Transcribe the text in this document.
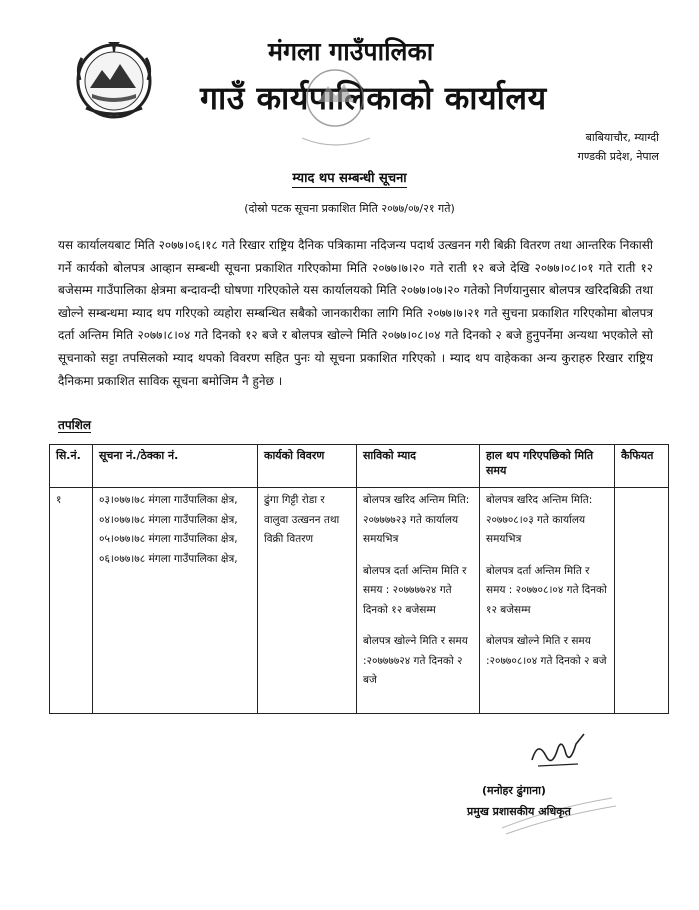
मंगला गाउँपालिका
गाउँ कार्यपालिकाको कार्यालय
बाबियाचौर, म्याग्दी
गण्डकी प्रदेश, नेपाल
म्याद थप सम्बन्धी सूचना
(दोस्रो पटक सूचना प्रकाशित मिति २०७७/०७/२१ गते)
यस कार्यालयबाट मिति २०७७।०६।१८ गते रिखार राष्ट्रिय दैनिक पत्रिकामा नदिजन्य पदार्थ उत्खनन गरी बिक्री वितरण तथा आन्तरिक निकासी गर्ने कार्यको बोलपत्र आव्हान सम्बन्धी सूचना प्रकाशित गरिएकोमा मिति २०७७।७।२० गते राती १२ बजे देखि २०७७।०८।०१ गते राती १२ बजेसम्म गाउँपालिका क्षेत्रमा बन्दावन्दी घोषणा गरिएकोले यस कार्यालयको मिति २०७७।०७।२० गतेको निर्णयानुसार बोलपत्र खरिदबिक्री तथा खोल्ने सम्बन्धमा म्याद थप गरिएको व्यहोरा सम्बन्धित सबैको जानकारीका लागि मिति २०७७।७।२१ गते सुचना प्रकाशित गरिएकोमा बोलपत्र दर्ता अन्तिम मिति २०७७।८।०४ गते दिनको १२ बजे र बोलपत्र खोल्ने मिति २०७७।०८।०४ गते दिनको २ बजे हुनुपर्नेमा अन्यथा भएकोले सो सूचनाको सट्टा तपसिलको म्याद थपको विवरण सहित पुनः यो सूचना प्रकाशित गरिएको । म्याद थप वाहेकका अन्य कुराहरु रिखार राष्ट्रिय दैनिकमा प्रकाशित साविक सूचना बमोजिम नै हुनेछ ।
तपशिल
सि.नं.	सूचना नं./ठेक्का नं.	कार्यको विवरण	साविको म्याद	हाल थप गरिएपछिको मिति समय	कैफियत
१	०३।०७७।७८ मंगला गाउँपालिका क्षेत्र, ०४।०७७।७८ मंगला गाउँपालिका क्षेत्र, ०५।०७७।७८ मंगला गाउँपालिका क्षेत्र, ०६।०७७।७८ मंगला गाउँपालिका क्षेत्र,	ढुंगा गिट्टी रोडा र वालुवा उत्खनन तथा विक्री वितरण	बोलपत्र खरिद अन्तिम मिति: २०७७७७२३ गते कार्यालय समयभित्र
बोलपत्र दर्ता अन्तिम मिति र समय : २०७७७७२४ गते दिनको १२ बजेसम्म
बोलपत्र खोल्ने मिति र समय :२०७७७७२४ गते दिनको २ बजे	बोलपत्र खरिद अन्तिम मिति: २०७७०८।०३ गते कार्यालय समयभित्र
बोलपत्र दर्ता अन्तिम मिति र समय : २०७७०८।०४ गते दिनको १२ बजेसम्म
बोलपत्र खोल्ने मिति र समय :२०७७०८।०४ गते दिनको २ बजे	
(मनोहर ढुंगाना)
प्रमुख प्रशासकीय अधिकृत
